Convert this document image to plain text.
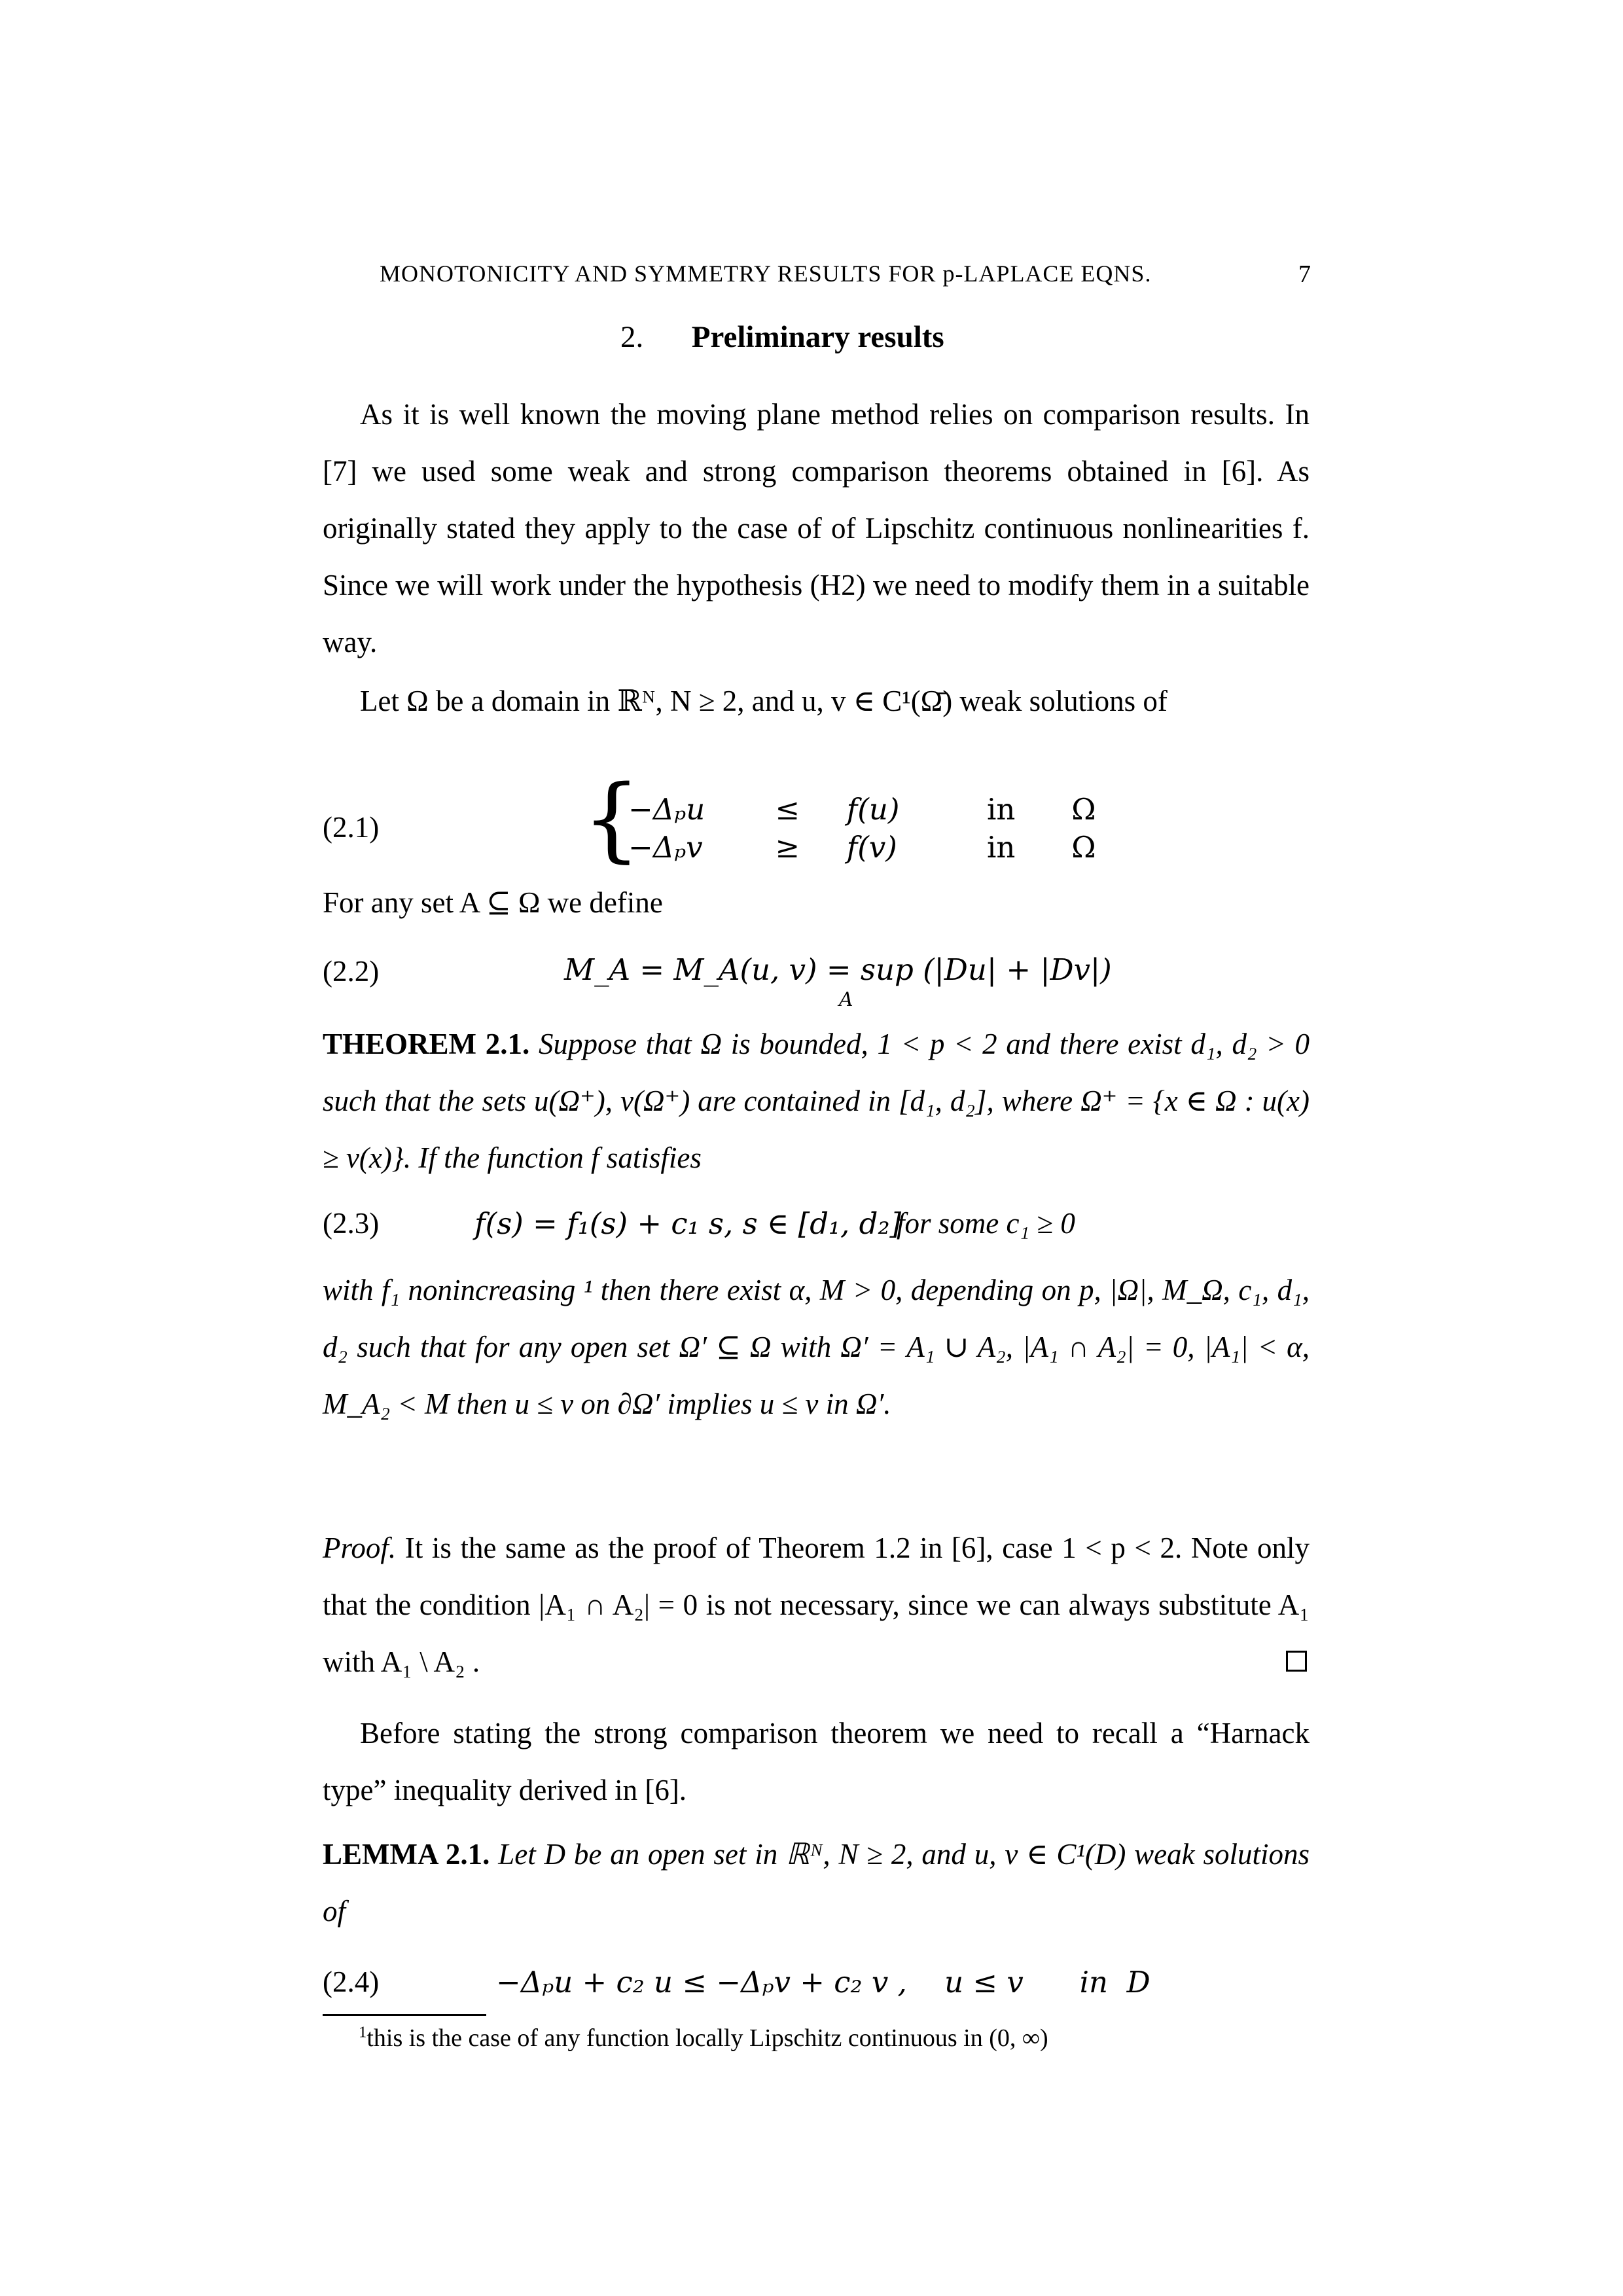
MONOTONICITY AND SYMMETRY RESULTS FOR p-LAPLACE EQNS.	7
2. Preliminary results
As it is well known the moving plane method relies on comparison results. In [7] we used some weak and strong comparison theorems obtained in [6]. As originally stated they apply to the case of of Lipschitz continuous nonlinearities f. Since we will work under the hypothesis (H2) we need to modify them in a suitable way.
Let Ω be a domain in ℝᴺ, N ≥ 2, and u, v ∈ C¹(Ω̄) weak solutions of
(2.1) {
−Δₚu ≤ f(u)	in Ω
−Δₚv ≥ f(v)	in Ω
For any set A ⊆ Ω we define
(2.2)	M_A = M_A(u, v) = sup (|Du| + |Dv|)
A
THEOREM 2.1. Suppose that Ω is bounded, 1 < p < 2 and there exist d₁, d₂ > 0 such that the sets u(Ω⁺), v(Ω⁺) are contained in [d₁, d₂], where Ω⁺ = {x ∈ Ω : u(x) ≥ v(x)}. If the function f satisfies
(2.3)	f(s) = f₁(s) + c₁ s, s ∈ [d₁, d₂]
for some c₁ ≥ 0
with f₁ nonincreasing ¹ then there exist α, M > 0, depending on p, |Ω|, M_Ω, c₁, d₁, d₂ such that for any open set Ω′ ⊆ Ω with Ω′ = A₁ ∪ A₂, |A₁ ∩ A₂| = 0, |A₁| < α, M_A₂ < M then u ≤ v on ∂Ω′ implies u ≤ v in Ω′.
Proof. It is the same as the proof of Theorem 1.2 in [6], case 1 < p < 2. Note only that the condition |A₁ ∩ A₂| = 0 is not necessary, since we can always substitute A₁ with A₁ \ A₂ .
Before stating the strong comparison theorem we need to recall a “Harnack type” inequality derived in [6].
LEMMA 2.1. Let D be an open set in ℝᴺ, N ≥ 2, and u, v ∈ C¹(D) weak solutions of
(2.4)	−Δₚu + c₂ u ≤ −Δₚv + c₂ v ,    u ≤ v      in  D
$^1$this is the case of any function locally Lipschitz continuous in (0, ∞)
